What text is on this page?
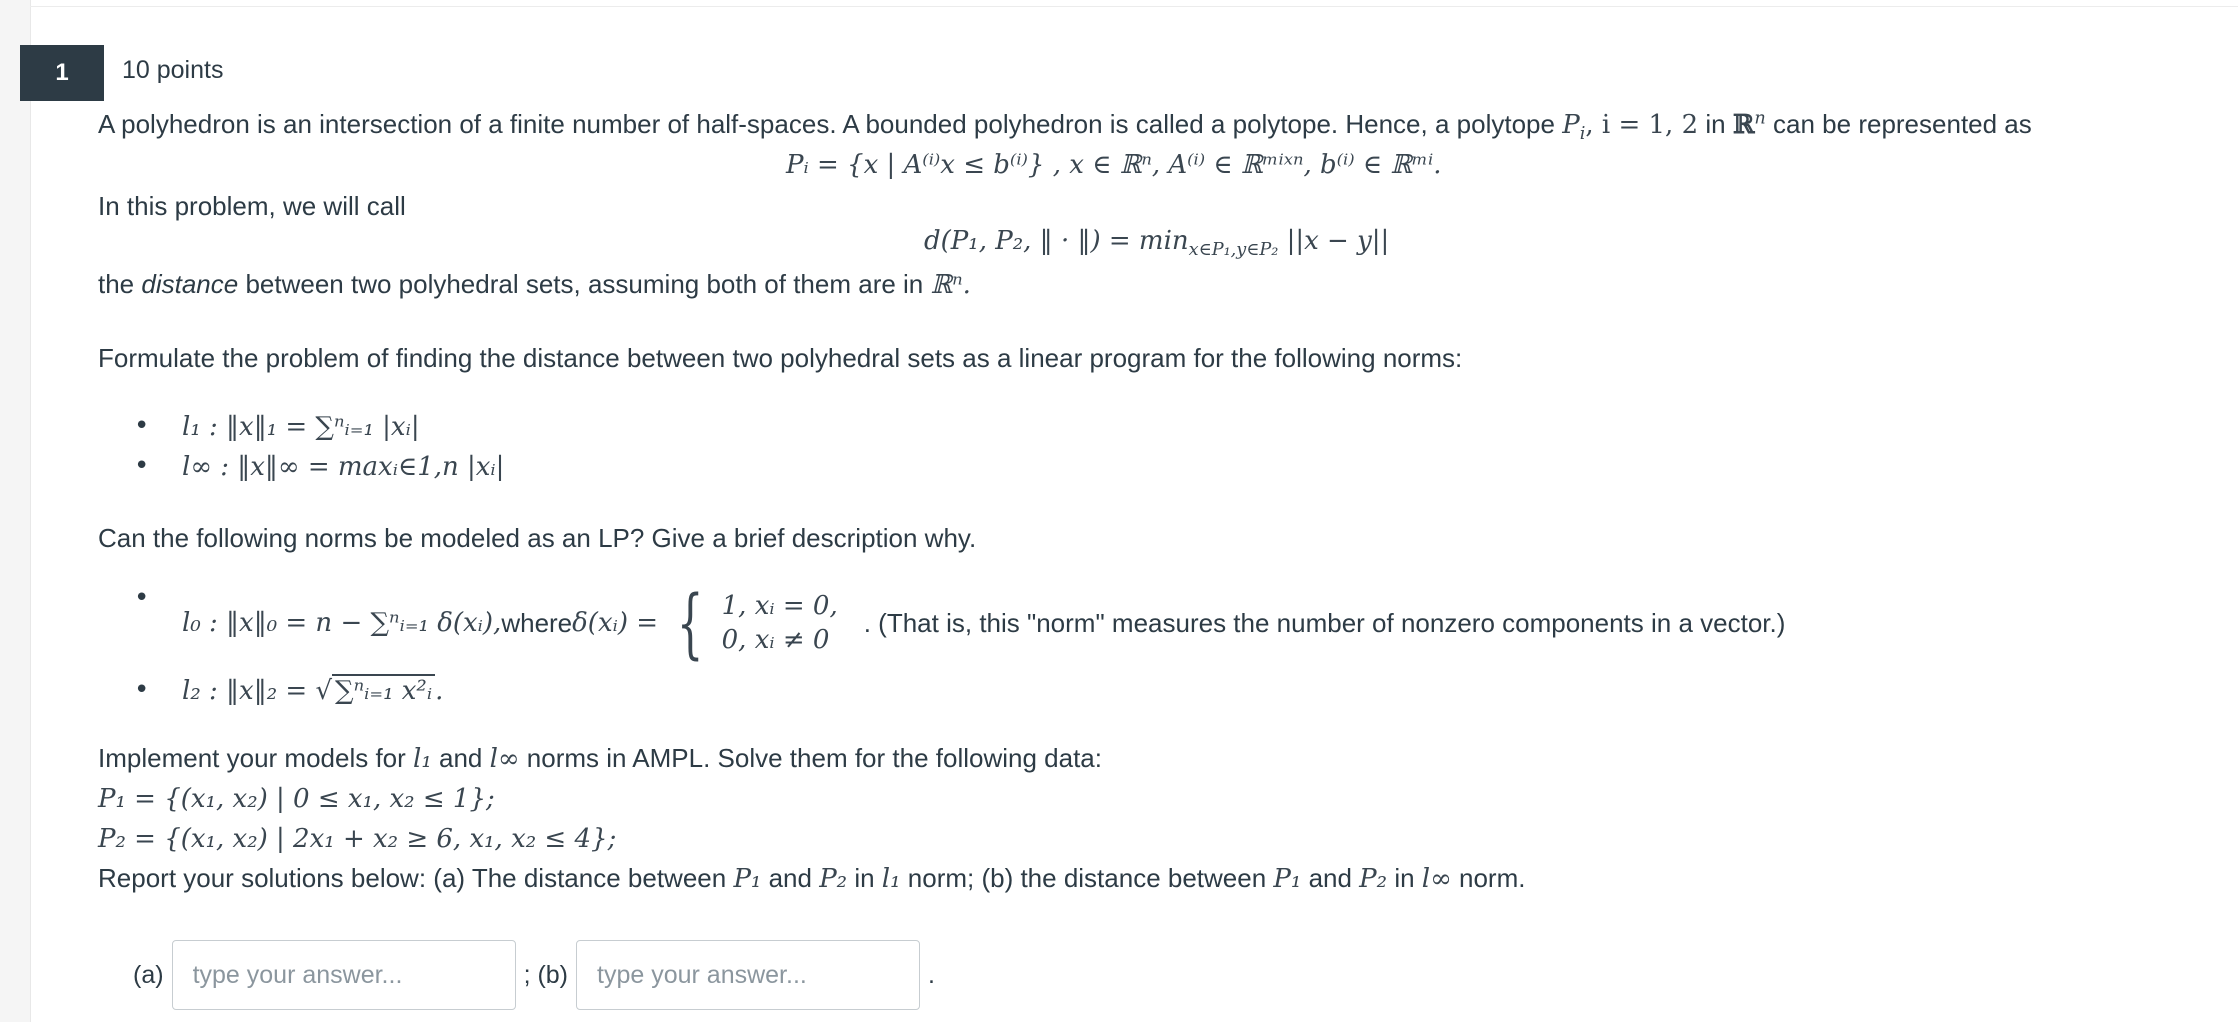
1	10 points
A polyhedron is an intersection of a finite number of half-spaces. A bounded polyhedron is called a polytope. Hence, a polytope $P_i$, i = 1, 2 in ℝ$^n$ can be represented as
Pᵢ = {x | A⁽ⁱ⁾x ≤ b⁽ⁱ⁾} , x ∈ ℝⁿ, A⁽ⁱ⁾ ∈ ℝᵐⁱˣⁿ, b⁽ⁱ⁾ ∈ ℝᵐⁱ.
In this problem, we will call
d(P₁, P₂, ‖ · ‖) = $\min_{x\in P_1,y\in P_2} ||x - y||$
the distance between two polyhedral sets, assuming both of them are in ℝⁿ.
Formulate the problem of finding the distance between two polyhedral sets as a linear program for the following norms:
• l₁ : ‖x‖₁ = ∑ⁿᵢ₌₁ |xᵢ|
• l∞ : ‖x‖∞ = maxᵢ∈1,n |xᵢ|
Can the following norms be modeled as an LP? Give a brief description why.
• l₀ : ‖x‖₀ = n − ∑ⁿᵢ₌₁ δ(xᵢ), where δ(xᵢ) = { 1, xᵢ = 0,
0, xᵢ ≠ 0
. (That is, this "norm" measures the number of nonzero components in a vector.)
• l₂ : ‖x‖₂ = √ ∑ⁿᵢ₌₁ x²ᵢ .
Implement your models for l₁ and l∞ norms in AMPL. Solve them for the following data:
P₁ = {(x₁, x₂) | 0 ≤ x₁, x₂ ≤ 1};
P₂ = {(x₁, x₂) | 2x₁ + x₂ ≥ 6, x₁, x₂ ≤ 4};
Report your solutions below: (a) The distance between P₁ and P₂ in l₁ norm; (b) the distance between P₁ and P₂ in l∞ norm.
(a)
type your answer...	; (b)
type your answer...	.
